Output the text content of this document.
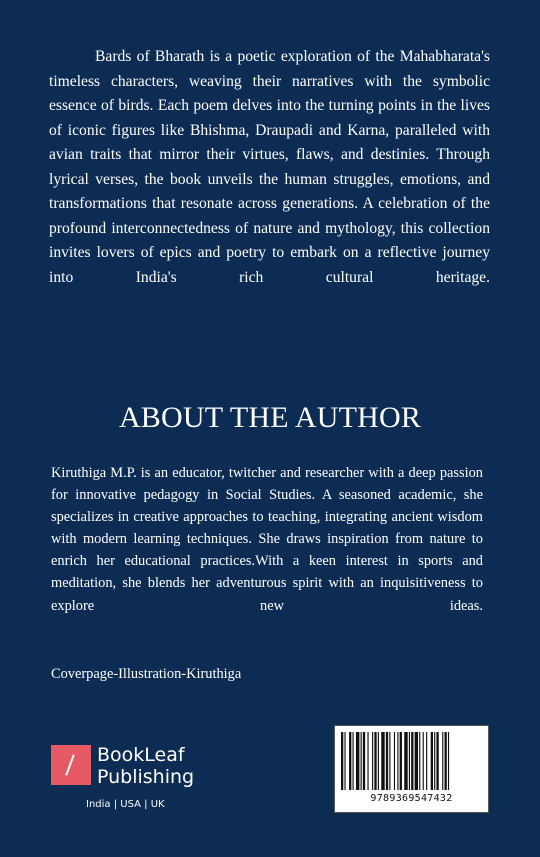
Bards of Bharath is a poetic exploration of the Mahabharata's timeless characters, weaving their narratives with the symbolic essence of birds. Each poem delves into the turning points in the lives of iconic figures like Bhishma, Draupadi and Karna, paralleled with avian traits that mirror their virtues, flaws, and destinies. Through lyrical verses, the book unveils the human struggles, emotions, and transformations that resonate across generations. A celebration of the profound interconnectedness of nature and mythology, this collection invites lovers of epics and poetry to embark on a reflective journey into India's rich cultural heritage.

ABOUT THE AUTHOR

Kiruthiga M.P. is an educator, twitcher and researcher with a deep passion for innovative pedagogy in Social Studies. A seasoned academic, she specializes in creative approaches to teaching, integrating ancient wisdom with modern learning techniques. She draws inspiration from nature to enrich her educational practices.With a keen interest in sports and meditation, she blends her adventurous spirit with an inquisitiveness to explore new ideas.

Coverpage-Illustration-Kiruthiga

BookLeaf
Publishing
India | USA | UK
9789369547432
